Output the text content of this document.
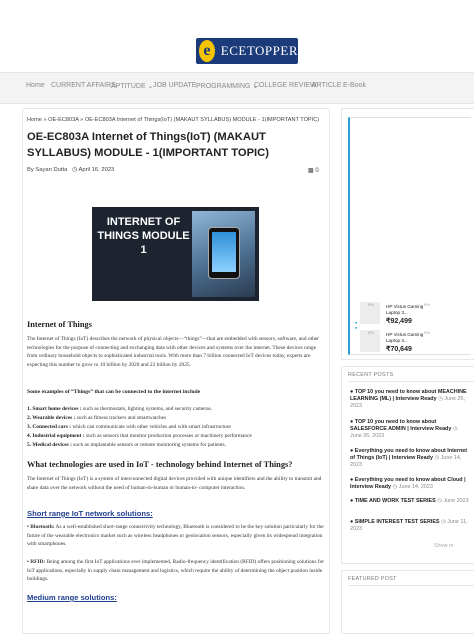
e ECETOPPER
Home CURRENT AFFAIRS
APTITUDE ⌄ JOB UPDATE PROGRAMMING ⌄
COLLEGE REVIEW
ARTICLE E-Book
Home » OE-EC803A » OE-EC803A Internet of Things(IoT) (MAKAUT SYLLABUS) MODULE - 1(IMPORTANT TOPIC)
OE-EC803A Internet of Things(IoT) (MAKAUT SYLLABUS) MODULE - 1(IMPORTANT TOPIC)
By Sayan Dutta ◷ April 16, 2023	▩ 0
INTERNET OF THINGS MODULE 1
Internet of Things
The Internet of Things (IoT) describes the network of physical objects—“things”—that are embedded with sensors, software, and other technologies for the purpose of connecting and exchanging data with other devices and systems over the internet. These devices range from ordinary household objects to sophisticated industrial tools. With more than 7 billion connected IoT devices today, experts are expecting this number to grow to 10 billion by 2020 and 22 billion by 2025.
Some examples of “Things” that can be connected to the internet include
1. Smart home devices : such as thermostats, lighting systems, and security cameras.
2. Wearable devices : such as fitness trackers and smartwatches
3. Connected cars : which can communicate with other vehicles and with smart infrastructure
4. Industrial equipment : such as sensors that monitor production processes or machinery performance
5. Medical devices : such as implantable sensors or remote monitoring systems for patients.
What technologies are used in IoT - technology behind Internet of Things?
The Internet of Things (IoT) is a system of interconnected digital devices provided with unique identifiers and the ability to transmit and share data over the network without the need of human-to-human or human-to- computer interaction.
Short range IoT network solutions:
• Bluetooth: As a well-established short-range connectivity technology, Bluetooth is considered to be the key solution particularly for the future of the wearable electronics market such as wireless headphones or geolocation sensors, especially given its widespread integration with smartphones.
• RFID: Being among the first IoT applications ever implemented, Radio-frequency identification (RFID) offers positioning solutions for IoT applications, especially in supply chain management and logistics, which require the ability of determining the object position inside buildings.
Medium range solutions:
HP Victus Gaming Laptop 3...
₹92,499
9%	9%
HP Victus Gaming Laptop 3...
₹70,649
9%	9%
●
●
RECENT POSTS
● TOP 10 you need to know about MEACHINE LEARNING (ML) | Interview Ready ◷ June 26, 2023
● TOP 10 you need to know about SALESFORCE ADMIN | Interview Ready ◷ June 26, 2023
● Everything you need to know about Internet of Things (IoT) | Interview Ready ◷ June 14, 2023
● Everything you need to know about Cloud | Interview Ready ◷ June 14, 2023
● TIME AND WORK TEST SERIES ◷ June 2023
● SIMPLE INTEREST TEST SERIES ◷ June 11, 2023
Show m
FEATURED POST
